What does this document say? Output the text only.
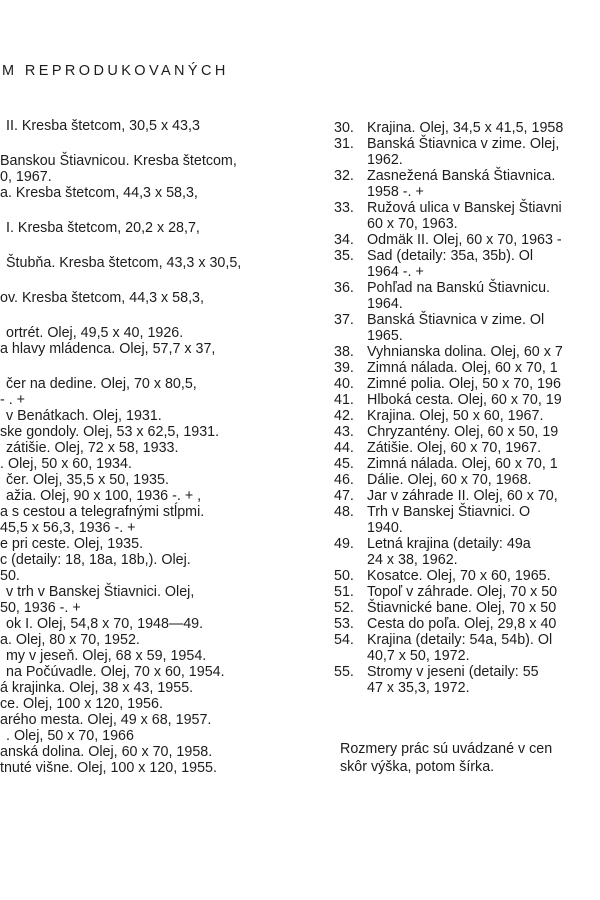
M REPRODUKOVANÝCH
II. Kresba štetcom, 30,5 x 43,3
Banskou Štiavnicou. Kresba štetcom,
0, 1967.
a. Kresba štetcom, 44,3 x 58,3,
I. Kresba štetcom, 20,2 x 28,7,
Štubňa. Kresba štetcom, 43,3 x 30,5,
ov. Kresba štetcom, 44,3 x 58,3,
ortrét. Olej, 49,5 x 40, 1926.
a hlavy mládenca. Olej, 57,7 x 37,
čer na dedine. Olej, 70 x 80,5,
- . +
v Benátkach. Olej, 1931.
ske gondoly. Olej, 53 x 62,5, 1931.
zátišie. Olej, 72 x 58, 1933.
. Olej, 50 x 60, 1934.
čer. Olej, 35,5 x 50, 1935.
ažia. Olej, 90 x 100, 1936 -. + ,
a s cestou a telegrafnými stĺpmi.
45,5 x 56,3, 1936 -. +
e pri ceste. Olej, 1935.
c (detaily: 18, 18a, 18b,). Olej.
50.
v trh v Banskej Štiavnici. Olej,
50, 1936 -. +
ok I. Olej, 54,8 x 70, 1948—49.
a. Olej, 80 x 70, 1952.
my v jeseň. Olej, 68 x 59, 1954.
na Počúvadle. Olej, 70 x 60, 1954.
á krajinka. Olej, 38 x 43, 1955.
ce. Olej, 100 x 120, 1956.
arého mesta. Olej, 49 x 68, 1957.
. Olej, 50 x 70, 1966
anská dolina. Olej, 60 x 70, 1958.
tnuté višne. Olej, 100 x 120, 1955.
30. Krajina. Olej, 34,5 x 41,5, 1958
31. Banská Štiavnica v zime. Olej,
1962.
32. Zasnežená Banská Štiavnica.
1958 -. +
33. Ružová ulica v Banskej Štiavni
60 x 70, 1963.
34. Odmäk II. Olej, 60 x 70, 1963 -
35. Sad (detaily: 35a, 35b). Ol
1964 -. +
36. Pohľad na Banskú Štiavnicu.
1964.
37. Banská Štiavnica v zime. Ol
1965.
38. Vyhnianska dolina. Olej, 60 x 7
39. Zimná nálada. Olej, 60 x 70, 1
40. Zimné polia. Olej, 50 x 70, 196
41. Hlboká cesta. Olej, 60 x 70, 19
42. Krajina. Olej, 50 x 60, 1967.
43. Chryzantény. Olej, 60 x 50, 19
44. Zátišie. Olej, 60 x 70, 1967.
45. Zimná nálada. Olej, 60 x 70, 1
46. Dálie. Olej, 60 x 70, 1968.
47. Jar v záhrade II. Olej, 60 x 70,
48. Trh v Banskej Štiavnici. O
1940.
49. Letná krajina (detaily: 49a
24 x 38, 1962.
50. Kosatce. Olej, 70 x 60, 1965.
51. Topoľ v záhrade. Olej, 70 x 50
52. Štiavnické bane. Olej, 70 x 50
53. Cesta do poľa. Olej, 29,8 x 40
54. Krajina (detaily: 54a, 54b). Ol
40,7 x 50, 1972.
55. Stromy v jeseni (detaily: 55
47 x 35,3, 1972.
Rozmery prác sú uvádzané v cen
skôr výška, potom šírka.
